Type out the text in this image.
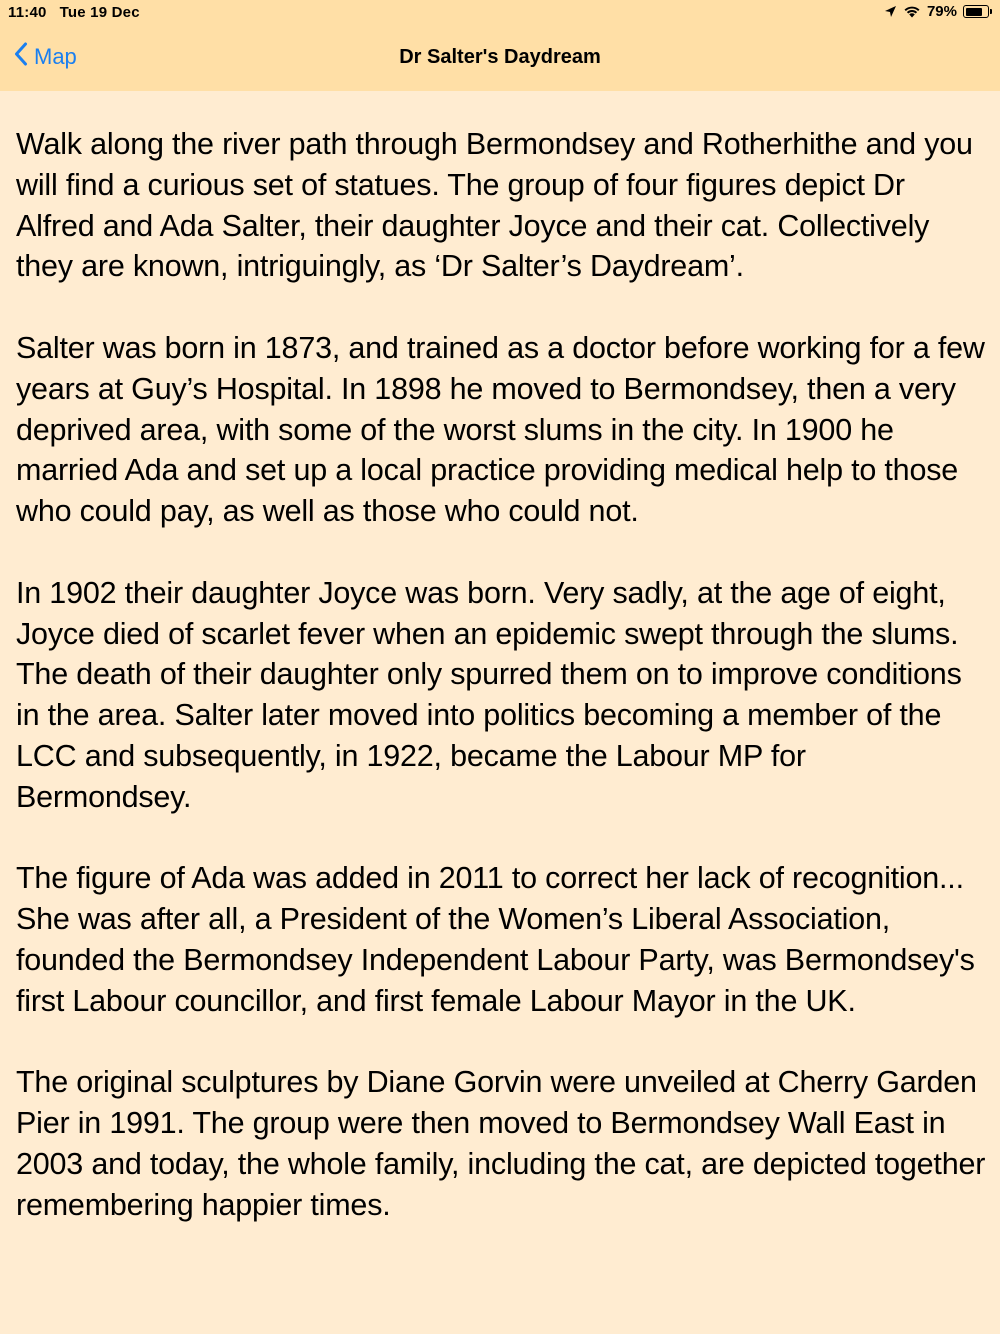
11:40 Tue 19 Dec	79%
Map	Dr Salter's Daydream

Walk along the river path through Bermondsey and Rotherhithe and you will find a curious set of statues. The group of four figures depict Dr Alfred and Ada Salter, their daughter Joyce and their cat. Collectively they are known, intriguingly, as ‘Dr Salter’s Daydream’.

Salter was born in 1873, and trained as a doctor before working for a few years at Guy’s Hospital. In 1898 he moved to Bermondsey, then a very deprived area, with some of the worst slums in the city. In 1900 he married Ada and set up a local practice providing medical help to those who could pay, as well as those who could not.

In 1902 their daughter Joyce was born. Very sadly, at the age of eight, Joyce died of scarlet fever when an epidemic swept through the slums. The death of their daughter only spurred them on to improve conditions in the area. Salter later moved into politics becoming a member of the LCC and subsequently, in 1922, became the Labour MP for Bermondsey.

The figure of Ada was added in 2011 to correct her lack of recognition... She was after all, a President of the Women’s Liberal Association, founded the Bermondsey Independent Labour Party, was Bermondsey's first Labour councillor, and first female Labour Mayor in the UK.

The original sculptures by Diane Gorvin were unveiled at Cherry Garden Pier in 1991. The group were then moved to Bermondsey Wall East in 2003 and today, the whole family, including the cat, are depicted together remembering happier times.
